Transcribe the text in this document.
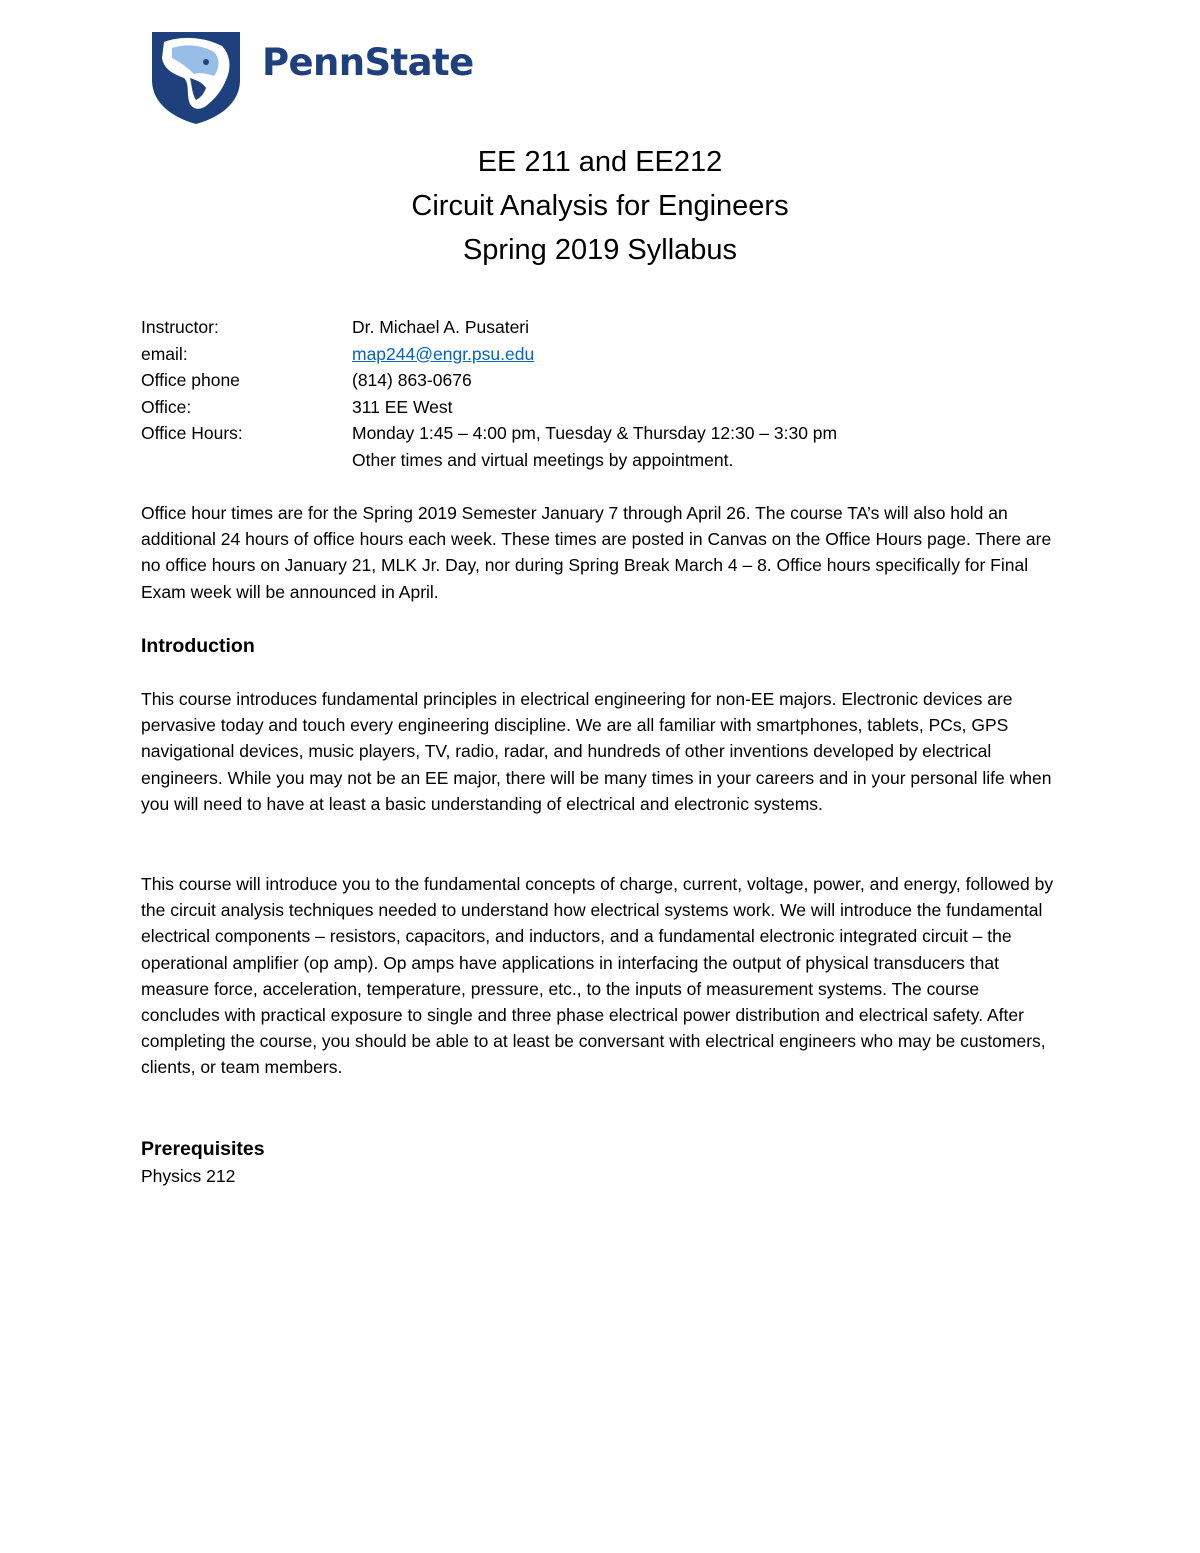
PennState
EE 211 and EE212
Circuit Analysis for Engineers
Spring 2019 Syllabus
Instructor:	Dr. Michael A. Pusateri
email:	map244@engr.psu.edu
Office phone	(814) 863-0676
Office:	311 EE West
Office Hours:	Monday 1:45 – 4:00 pm, Tuesday & Thursday 12:30 – 3:30 pm
Other times and virtual meetings by appointment.

Office hour times are for the Spring 2019 Semester January 7 through April 26. The course TA’s will also hold an additional 24 hours of office hours each week. These times are posted in Canvas on the Office Hours page. There are no office hours on January 21, MLK Jr. Day, nor during Spring Break March 4 – 8. Office hours specifically for Final Exam week will be announced in April.

Introduction

This course introduces fundamental principles in electrical engineering for non-EE majors. Electronic devices are pervasive today and touch every engineering discipline. We are all familiar with smartphones, tablets, PCs, GPS navigational devices, music players, TV, radio, radar, and hundreds of other inventions developed by electrical engineers. While you may not be an EE major, there will be many times in your careers and in your personal life when you will need to have at least a basic understanding of electrical and electronic systems.

This course will introduce you to the fundamental concepts of charge, current, voltage, power, and energy, followed by the circuit analysis techniques needed to understand how electrical systems work. We will introduce the fundamental electrical components – resistors, capacitors, and inductors, and a fundamental electronic integrated circuit – the operational amplifier (op amp). Op amps have applications in interfacing the output of physical transducers that measure force, acceleration, temperature, pressure, etc., to the inputs of measurement systems. The course concludes with practical exposure to single and three phase electrical power distribution and electrical safety. After completing the course, you should be able to at least be conversant with electrical engineers who may be customers, clients, or team members.

Prerequisites

Physics 212
